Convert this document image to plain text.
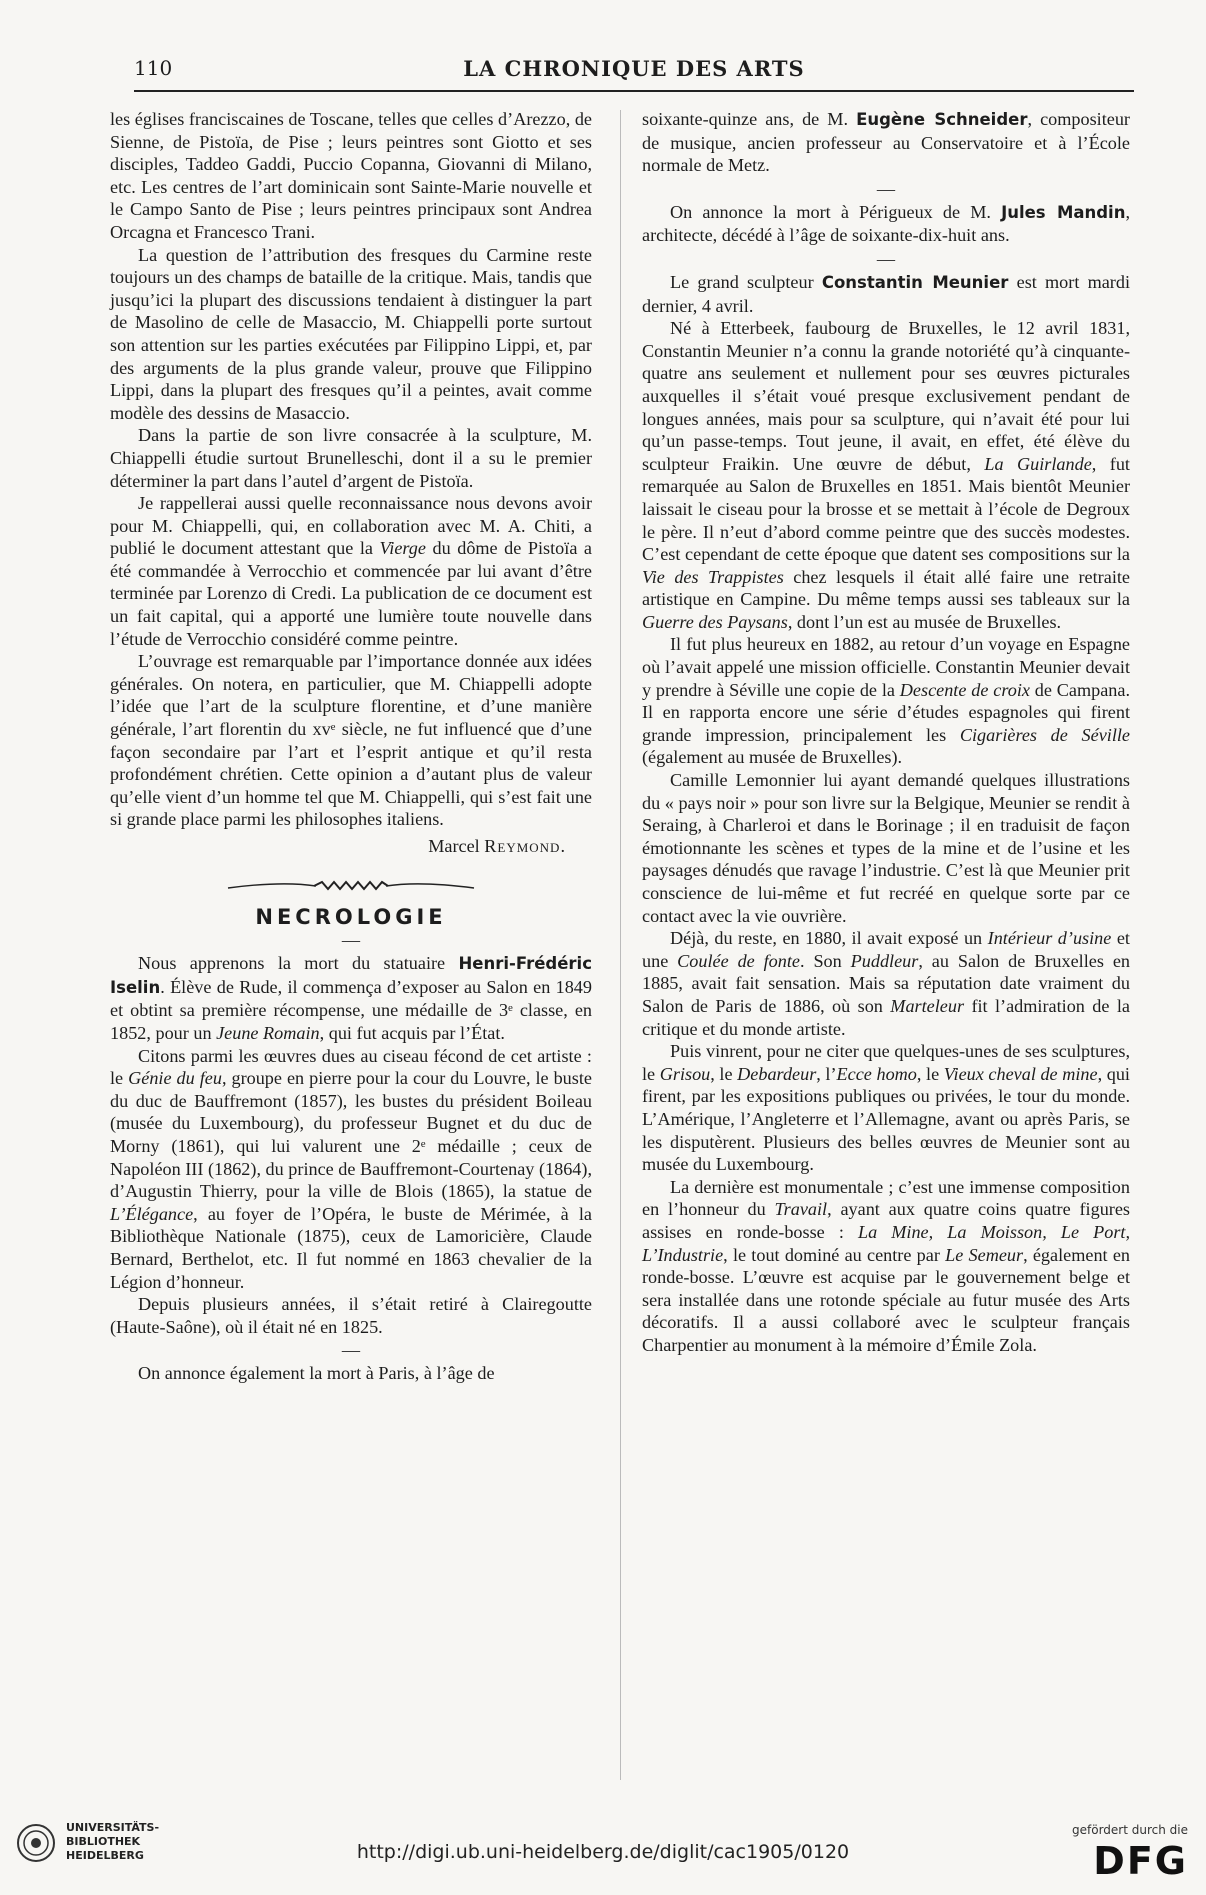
110	LA CHRONIQUE DES ARTS

les églises franciscaines de Toscane, telles que celles d’Arezzo, de Sienne, de Pistoïa, de Pise ; leurs peintres sont Giotto et ses disciples, Taddeo Gaddi, Puccio Copanna, Giovanni di Milano, etc. Les centres de l’art dominicain sont Sainte-Marie nouvelle et le Campo Santo de Pise ; leurs peintres principaux sont Andrea Orcagna et Francesco Trani.

La question de l’attribution des fresques du Carmine reste toujours un des champs de bataille de la critique. Mais, tandis que jusqu’ici la plupart des discussions tendaient à distinguer la part de Masolino de celle de Masaccio, M. Chiappelli porte surtout son attention sur les parties exécutées par Filippino Lippi, et, par des arguments de la plus grande valeur, prouve que Filippino Lippi, dans la plupart des fresques qu’il a peintes, avait comme modèle des dessins de Masaccio.

Dans la partie de son livre consacrée à la sculpture, M. Chiappelli étudie surtout Brunelleschi, dont il a su le premier déterminer la part dans l’autel d’argent de Pistoïa.

Je rappellerai aussi quelle reconnaissance nous devons avoir pour M. Chiappelli, qui, en collaboration avec M. A. Chiti, a publié le document attestant que la Vierge du dôme de Pistoïa a été commandée à Verrocchio et commencée par lui avant d’être terminée par Lorenzo di Credi. La publication de ce document est un fait capital, qui a apporté une lumière toute nouvelle dans l’étude de Verrocchio considéré comme peintre.

L’ouvrage est remarquable par l’importance donnée aux idées générales. On notera, en particulier, que M. Chiappelli adopte l’idée que l’art de la sculpture florentine, et d’une manière générale, l’art florentin du xvᵉ siècle, ne fut influencé que d’une façon secondaire par l’art et l’esprit antique et qu’il resta profondément chrétien. Cette opinion a d’autant plus de valeur qu’elle vient d’un homme tel que M. Chiappelli, qui s’est fait une si grande place parmi les philosophes italiens.

Marcel Reymond.
NECROLOGIE
—

Nous apprenons la mort du statuaire Henri-Frédéric Iselin. Élève de Rude, il commença d’exposer au Salon en 1849 et obtint sa première récompense, une médaille de 3ᵉ classe, en 1852, pour un Jeune Romain, qui fut acquis par l’État.

Citons parmi les œuvres dues au ciseau fécond de cet artiste : le Génie du feu, groupe en pierre pour la cour du Louvre, le buste du duc de Bauffremont (1857), les bustes du président Boileau (musée du Luxembourg), du professeur Bugnet et du duc de Morny (1861), qui lui valurent une 2ᵉ médaille ; ceux de Napoléon III (1862), du prince de Bauffremont-Courtenay (1864), d’Augustin Thierry, pour la ville de Blois (1865), la statue de L’Élégance, au foyer de l’Opéra, le buste de Mérimée, à la Bibliothèque Nationale (1875), ceux de Lamoricière, Claude Bernard, Berthelot, etc. Il fut nommé en 1863 chevalier de la Légion d’honneur.

Depuis plusieurs années, il s’était retiré à Clairegoutte (Haute-Saône), où il était né en 1825.

—

On annonce également la mort à Paris, à l’âge de

soixante-quinze ans, de M. Eugène Schneider, compositeur de musique, ancien professeur au Conservatoire et à l’École normale de Metz.

—

On annonce la mort à Périgueux de M. Jules Mandin, architecte, décédé à l’âge de soixante-dix-huit ans.

—

Le grand sculpteur Constantin Meunier est mort mardi dernier, 4 avril.

Né à Etterbeek, faubourg de Bruxelles, le 12 avril 1831, Constantin Meunier n’a connu la grande notoriété qu’à cinquante-quatre ans seulement et nullement pour ses œuvres picturales auxquelles il s’était voué presque exclusivement pendant de longues années, mais pour sa sculpture, qui n’avait été pour lui qu’un passe-temps. Tout jeune, il avait, en effet, été élève du sculpteur Fraikin. Une œuvre de début, La Guirlande, fut remarquée au Salon de Bruxelles en 1851. Mais bientôt Meunier laissait le ciseau pour la brosse et se mettait à l’école de Degroux le père. Il n’eut d’abord comme peintre que des succès modestes. C’est cependant de cette époque que datent ses compositions sur la Vie des Trappistes chez lesquels il était allé faire une retraite artistique en Campine. Du même temps aussi ses tableaux sur la Guerre des Paysans, dont l’un est au musée de Bruxelles.

Il fut plus heureux en 1882, au retour d’un voyage en Espagne où l’avait appelé une mission officielle. Constantin Meunier devait y prendre à Séville une copie de la Descente de croix de Campana. Il en rapporta encore une série d’études espagnoles qui firent grande impression, principalement les Cigarières de Séville (également au musée de Bruxelles).

Camille Lemonnier lui ayant demandé quelques illustrations du « pays noir » pour son livre sur la Belgique, Meunier se rendit à Seraing, à Charleroi et dans le Borinage ; il en traduisit de façon émotionnante les scènes et types de la mine et de l’usine et les paysages dénudés que ravage l’industrie. C’est là que Meunier prit conscience de lui-même et fut recréé en quelque sorte par ce contact avec la vie ouvrière.

Déjà, du reste, en 1880, il avait exposé un Intérieur d’usine et une Coulée de fonte. Son Puddleur, au Salon de Bruxelles en 1885, avait fait sensation. Mais sa réputation date vraiment du Salon de Paris de 1886, où son Marteleur fit l’admiration de la critique et du monde artiste.

Puis vinrent, pour ne citer que quelques-unes de ses sculptures, le Grisou, le Debardeur, l’Ecce homo, le Vieux cheval de mine, qui firent, par les expositions publiques ou privées, le tour du monde. L’Amérique, l’Angleterre et l’Allemagne, avant ou après Paris, se les disputèrent. Plusieurs des belles œuvres de Meunier sont au musée du Luxembourg.

La dernière est monumentale ; c’est une immense composition en l’honneur du Travail, ayant aux quatre coins quatre figures assises en ronde-bosse : La Mine, La Moisson, Le Port, L’Industrie, le tout dominé au centre par Le Semeur, également en ronde-bosse. L’œuvre est acquise par le gouvernement belge et sera installée dans une rotonde spéciale au futur musée des Arts décoratifs. Il a aussi collaboré avec le sculpteur français Charpentier au monument à la mémoire d’Émile Zola.

UNIVERSITÄTS-
BIBLIOTHEK
HEIDELBERG	http://digi.ub.uni-heidelberg.de/diglit/cac1905/0120
gefördert durch die
DFG
